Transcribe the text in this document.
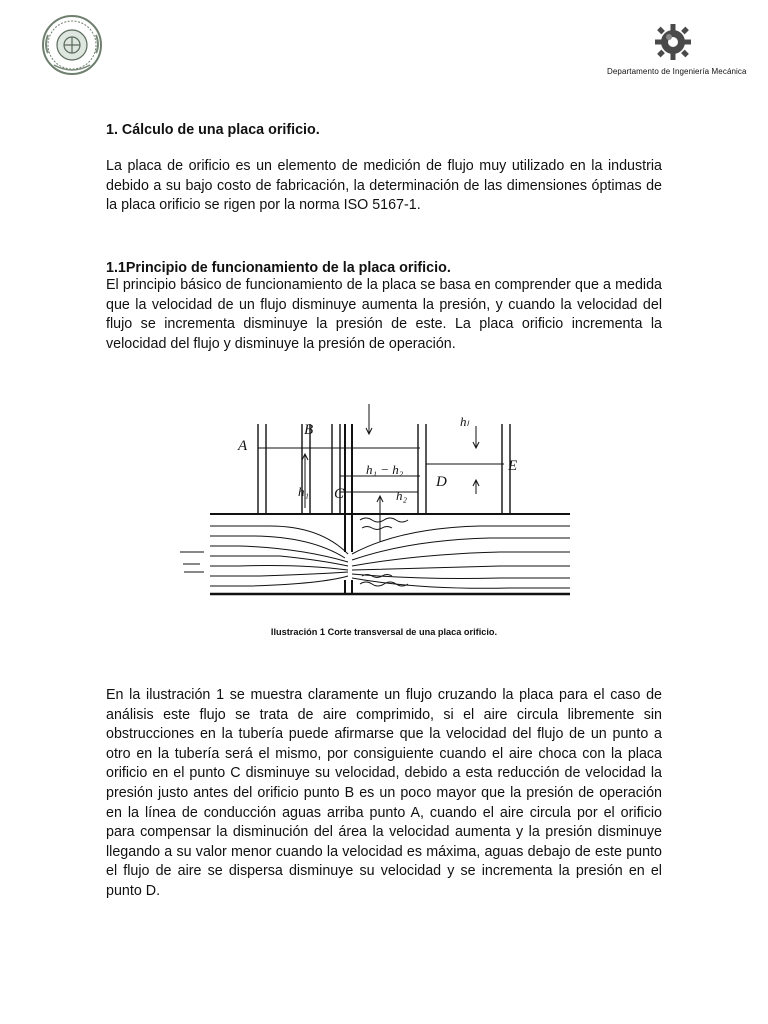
Departamento de Ingeniería Mecánica
1. Cálculo de una placa orificio.
La placa de orificio es un elemento de medición de flujo muy utilizado en la industria debido a su bajo costo de fabricación, la determinación de las dimensiones óptimas de la placa orificio se rigen por la norma ISO 5167-1.
1.1Principio de funcionamiento de la placa orificio.
El principio básico de funcionamiento de la placa se basa en comprender que a medida que la velocidad de un flujo disminuye aumenta la presión, y cuando la velocidad del flujo se incrementa disminuye la presión de este. La placa orificio incrementa la velocidad del flujo y disminuye la presión de operación.
A
B
C
D
E
h₁
h₁ − h₂
h₂
hₗ
Ilustración 1 Corte transversal de una placa orificio.
En la ilustración 1 se muestra claramente un flujo cruzando la placa para el caso de análisis este flujo se trata de aire comprimido, si el aire circula libremente sin obstrucciones en la tubería puede afirmarse que la velocidad del flujo de un punto a otro en la tubería será el mismo, por consiguiente cuando el aire choca con la placa orificio en el punto C disminuye su velocidad, debido a esta reducción de velocidad la presión justo antes del orificio punto B es un poco mayor que la presión de operación en la línea de conducción aguas arriba punto A, cuando el aire circula por el orificio para compensar la disminución del área la velocidad aumenta y la presión disminuye llegando a su valor menor cuando la velocidad es máxima, aguas debajo de este punto el flujo de aire se dispersa disminuye su velocidad y se incrementa la presión en el punto D.
